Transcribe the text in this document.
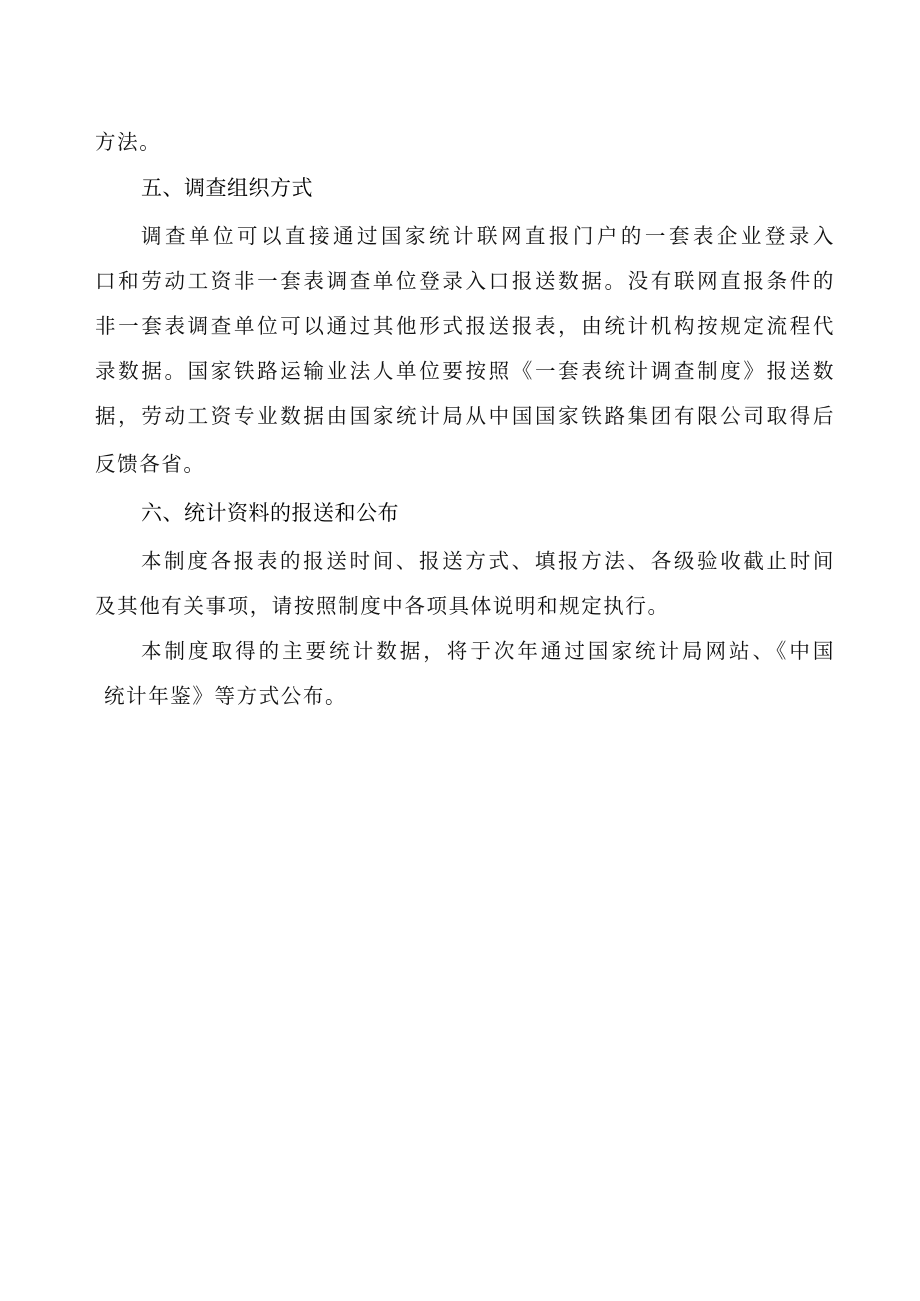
方法。
五、调查组织方式
调查单位可以直接通过国家统计联网直报门户的一套表企业登录入
口和劳动工资非一套表调查单位登录入口报送数据。没有联网直报条件的
非一套表调查单位可以通过其他形式报送报表，由统计机构按规定流程代
录数据。国家铁路运输业法人单位要按照《一套表统计调查制度》报送数
据，劳动工资专业数据由国家统计局从中国国家铁路集团有限公司取得后
反馈各省。
六、统计资料的报送和公布
本制度各报表的报送时间、报送方式、填报方法、各级验收截止时间
及其他有关事项，请按照制度中各项具体说明和规定执行。
本制度取得的主要统计数据，将于次年通过国家统计局网站、《中国
统计年鉴》等方式公布。
